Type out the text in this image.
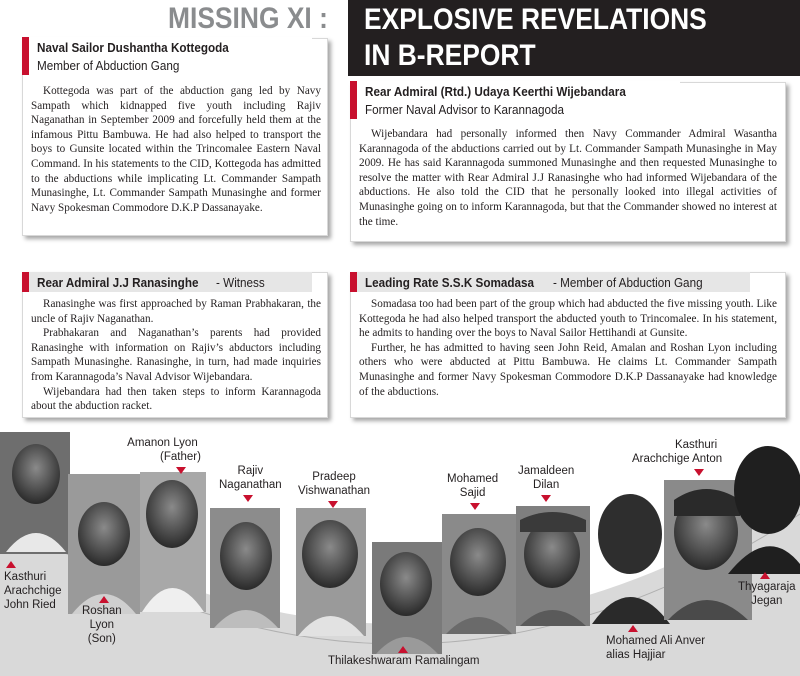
MISSING XI : EXPLOSIVE REVELATIONS
IN B-REPORT
Naval Sailor Dushantha Kottegoda
Member of Abduction Gang

Kottegoda was part of the abduction gang led by Navy Sampath which kidnapped five youth including Rajiv Naganathan in September 2009 and forcefully held them at the infamous Pittu Bambuwa. He had also helped to transport the boys to Gunsite located within the Trincomalee Eastern Naval Command. In his statements to the CID, Kottegoda has admitted to the abductions while implicating Lt. Commander Sampath Munasinghe, Lt. Commander Sampath Munasinghe and former Navy Spokesman Commodore D.K.P Dassanayake.

Rear Admiral (Rtd.) Udaya Keerthi Wijebandara
Former Naval Advisor to Karannagoda

Wijebandara had personally informed then Navy Commander Admiral Wasantha Karannagoda of the abductions carried out by Lt. Commander Sampath Munasinghe in May 2009. He has said Karannagoda summoned Munasinghe and then requested Munasinghe to resolve the matter with Rear Admiral J.J Ranasinghe who had informed Wijebandara of the abductions. He also told the CID that he personally looked into illegal activities of Munasinghe going on to inform Karannagoda, but that the Commander showed no interest at the time.

Rear Admiral J.J Ranasinghe- Witness

Ranasinghe was first approached by Raman Prabhakaran, the uncle of Rajiv Naganathan.

Prabhakaran and Naganathan’s parents had provided Ranasinghe with information on Rajiv’s abductors including Sampath Munasinghe. Ranasinghe, in turn, had made inquiries from Karannagoda’s Naval Advisor Wijebandara.

Wijebandara had then taken steps to inform Karannagoda about the abduction racket.

Leading Rate S.S.K Somadasa- Member of Abduction Gang

Somadasa too had been part of the group which had abducted the five missing youth. Like Kottegoda he had also helped transport the abducted youth to Trincomalee. In his statement, he admits to handing over the boys to Naval Sailor Hettihandi at Gunsite.

Further, he has admitted to having seen John Reid, Amalan and Roshan Lyon including others who were abducted at Pittu Bambuwa. He claims Lt. Commander Sampath Munasinghe and former Navy Spokesman Commodore D.K.P Dassanayake had knowledge of the abductions.

Kasthuri
Arachchige
John Ried	Roshan
Lyon
(Son)
Amanon Lyon
(Father)
Rajiv
Naganathan
Pradeep
Vishwanathan
Thilakeshwaram Ramalingam
Mohamed
Sajid
Jamaldeen
Dilan
Mohamed Ali Anver
alias Hajjiar
Kasthuri
Arachchige Anton
Thyagaraja
Jegan
